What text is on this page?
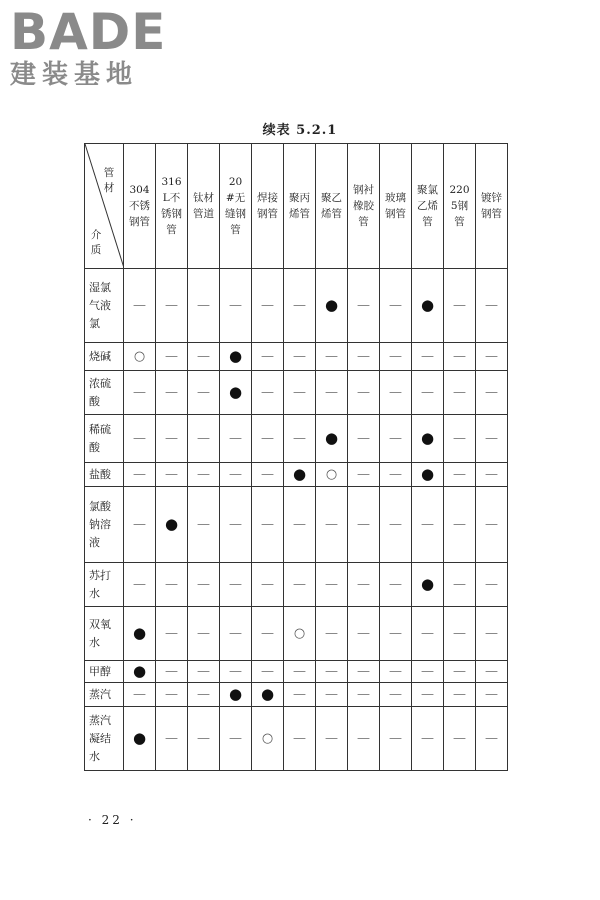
BADE
建装基地
续表 5.2.1
管材
介质	304不锈钢管	316L不锈钢管	钛材管道	20#无缝钢管	焊接钢管	聚丙烯管	聚乙烯管	钢衬橡胶管	玻璃钢管	聚氯乙烯管	2205钢管	镀锌钢管

湿氯气液氯	—	—	—	—	—	—	●	—	—	●	—	—
烧碱	○	—	—	●	—	—	—	—	—	—	—	—
浓硫酸	—	—	—	●	—	—	—	—	—	—	—	—
稀硫酸	—	—	—	—	—	—	●	—	—	●	—	—
盐酸	—	—	—	—	—	●	○	—	—	●	—	—
氯酸钠溶液	—	●	—	—	—	—	—	—	—	—	—	—
苏打水	—	—	—	—	—	—	—	—	—	●	—	—
双氧水	●	—	—	—	—	○	—	—	—	—	—	—
甲醇	●	—	—	—	—	—	—	—	—	—	—	—
蒸汽	—	—	—	●	●	—	—	—	—	—	—	—
蒸汽凝结水	●	—	—	—	○	—	—	—	—	—	—	—
· 22 ·
